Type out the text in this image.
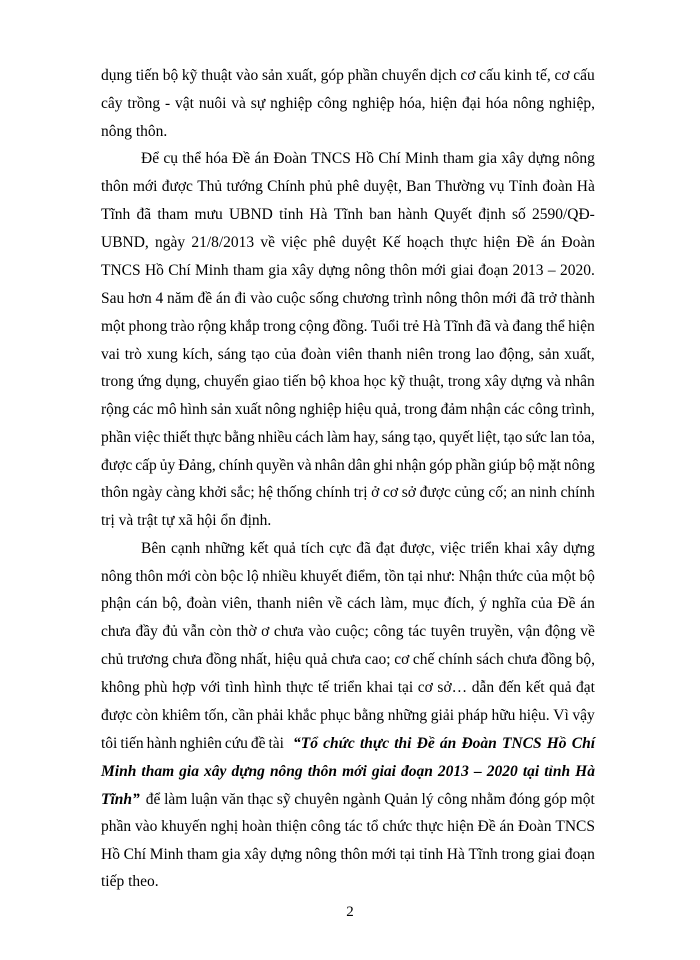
dụng tiến bộ kỹ thuật vào sản xuất, góp phần chuyển dịch cơ cấu kinh tế, cơ cấu
cây trồng - vật nuôi và sự nghiệp công nghiệp hóa, hiện đại hóa nông nghiệp,
nông thôn.
Để cụ thể hóa Đề án Đoàn TNCS Hồ Chí Minh tham gia xây dựng nông
thôn mới được Thủ tướng Chính phủ phê duyệt, Ban Thường vụ Tỉnh đoàn Hà
Tĩnh đã tham mưu UBND tỉnh Hà Tĩnh ban hành Quyết định số 2590/QĐ-
UBND, ngày 21/8/2013 về việc phê duyệt Kế hoạch thực hiện Đề án Đoàn
TNCS Hồ Chí Minh tham gia xây dựng nông thôn mới giai đoạn 2013 – 2020.
Sau hơn 4 năm đề án đi vào cuộc sống chương trình nông thôn mới đã trở thành
một phong trào rộng khắp trong cộng đồng. Tuổi trẻ Hà Tĩnh đã và đang thể hiện
vai trò xung kích, sáng tạo của đoàn viên thanh niên trong lao động, sản xuất,
trong ứng dụng, chuyển giao tiến bộ khoa học kỹ thuật, trong xây dựng và nhân
rộng các mô hình sản xuất nông nghiệp hiệu quả, trong đảm nhận các công trình,
phần việc thiết thực bằng nhiều cách làm hay, sáng tạo, quyết liệt, tạo sức lan tỏa,
được cấp ủy Đảng, chính quyền và nhân dân ghi nhận góp phần giúp bộ mặt nông
thôn ngày càng khởi sắc; hệ thống chính trị ở cơ sở được củng cố; an ninh chính
trị và trật tự xã hội ổn định.
Bên cạnh những kết quả tích cực đã đạt được, việc triển khai xây dựng
nông thôn mới còn bộc lộ nhiều khuyết điểm, tồn tại như: Nhận thức của một bộ
phận cán bộ, đoàn viên, thanh niên về cách làm, mục đích, ý nghĩa của Đề án
chưa đầy đủ vẫn còn thờ ơ chưa vào cuộc; công tác tuyên truyền, vận động về
chủ trương chưa đồng nhất, hiệu quả chưa cao; cơ chế chính sách chưa đồng bộ,
không phù hợp với tình hình thực tế triển khai tại cơ sở… dẫn đến kết quả đạt
được còn khiêm tốn, cần phải khắc phục bằng những giải pháp hữu hiệu. Vì vậy
tôi tiến hành nghiên cứu đề tài “Tổ chức thực thi Đề án Đoàn TNCS Hồ Chí
Minh tham gia xây dựng nông thôn mới giai đoạn 2013 – 2020 tại tỉnh Hà
Tĩnh” để làm luận văn thạc sỹ chuyên ngành Quản lý công nhằm đóng góp một
phần vào khuyến nghị hoàn thiện công tác tổ chức thực hiện Đề án Đoàn TNCS
2
Hồ Chí Minh tham gia xây dựng nông thôn mới tại tỉnh Hà Tĩnh trong giai đoạn
tiếp theo.
